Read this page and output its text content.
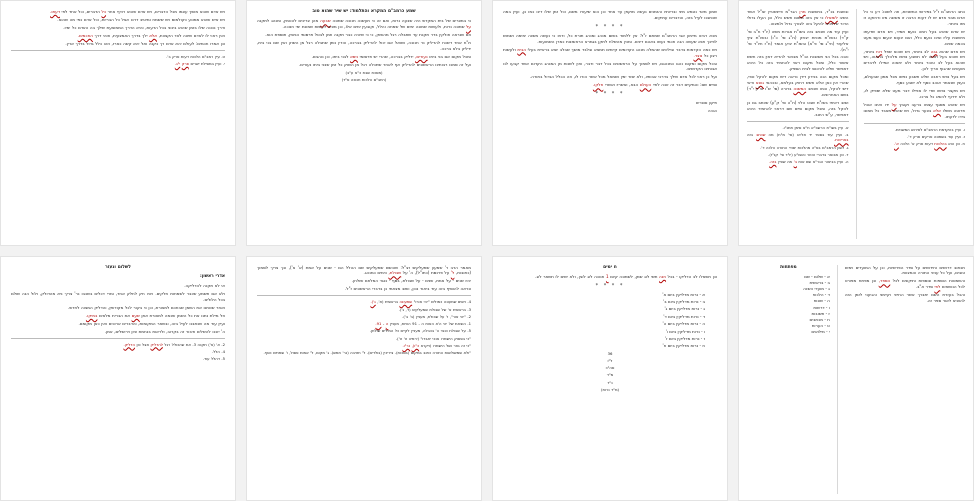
ובשבת בנ"ד, בתשובת מרן הגר"מ פיינשטיין זצ"ל אשר השיב לשואלו כי אין בזה משום חשש כלל, וכן העלו גדולי הדור שלפנינו להקל בזה לצורך גדול ולמצוה.

ועיין עוד מה שכתב בזה בשו"ת אגרות משה (יו"ד ח"ב סי' ק"ד) ובשו"ת מנחת יצחק (ח"ג סי' כ"ו) ובשו"ת ציץ אליעזר (חי"ג סי' פ"א) ובשו"ת יביע אומר (ח"ז חיו"ד סי' י"ח).

והנה בכל הני תשובות הנ"ל מבואר להדיא דאין בזה חשש איסור כלל, ומכל מקום ראוי להחמיר בזה כל היכא דאפשר שלא להיכנס לבית הספק.

ומכל מקום הנה בנידון דידן נראה דיש מקום להקל טפי, שהרי אין כאן אלא חשש רחוק בעלמא, ובכהאי גוונא ודאי דיש להקל, וכמו שכתב המשנה ברורה (סי' ש"ו ס"ק י"ד) בשם האחרונים.

ושוב ראיתי בשו"ת שבט הלוי (ח"ה סי' ק"ע) שכתב גם כן להקל בזה, ומכל מקום סיים שם דראוי להחמיר היכא דאפשר, ע"ש היטב.

א. עיין בשו"ת הרשב"א ח"א סימן תתנ"ו.

ב. ועיין עוד בספר יד אליהו (סי' מ"ח) מה שכתב בזה באריכות.

ג. לשון הרמב"ם בפ"ה מהלכות יסודי התורה הלכה ד'.

ד. וכן מבואר בדברי הטור והשו"ע (יו"ד סי' קנ"ז).

ה. ועיין בביאור הגר"א שם אות ב' מה שציין בזה.

כתב הרמב"ם ז"ל בפירוש המשניות, וזה לשונו: דע כי כל אדם מבני אדם יש לו דעות הרבה זו משונה מזו ורחוקה זו מזו ביותר.

יש אדם שהוא בעל חמה כועס תמיד, ויש אדם שדעתו מיושבת עליו ואינו כועס כלל, ואם יכעוס יכעוס כעס מעט בכמה שנים.

ויש אדם שהוא גבה לב ביותר, ויש שהוא שפל רוח ביותר, ויש שהוא בעל תאוה לא תשבע נפשו מלהלך בתאוה, ויש שהוא בעל לב טהור ביותר ולא יתאוה אפילו לדברים מועטים שהגוף צריך להן.

ויש בעל נפש רחבה שלא תשבע נפשו מכל ממון שבעולם, כענין שנאמר אוהב כסף לא ישבע כסף.

ויש מקצר נפשו שדי לו אפילו דבר מעט שלא יספיק לו, ולא ירדוף להשיג כל צרכו.

ויש שהוא מסגף עצמו ברעב וקובץ על ידו ואינו אוכל פרוטה משלו אלא בצער גדול, ויש שהוא מאבד כל ממונו בידו לדעתו.

ו. ועיין בהקדמת הרמב"ם לפירוש המשניות.

ז. ועיין עוד בשמונה פרקים פרק ד'.

ח. וכן הוא בהלכות דעות פרק א' הלכה א'.

שמע מאד נטמא מיני ובריותיו והזמנים נעשה מוקפן עד אחד וכן הוא שיעורו משם, וכל זמן שלו דינו כמו כן, ועיין במה שכתבנו לעיל בזה, והדברים עתיקים.

* * * *

מכא רבינו מיימון אבי הרמב"ם שמתם ז"ל: אין ללמוד בשום מנהג ומנהג תורת כל, ודחו כי נעשה משנה ימימה ושמוש לפיכך תנא שעשה הנה חכמי נעשו באהם דינים. ומכין מהשלח לתקן בגמרא הראשונות כמרן השמועות.

ויש כמה הקדמות בדבר ובילינים שהמלה מנהג הקדומים קיימים תמצא ובלבד מושך שבלב יוצא בראיית בעלי הבית ולעשות רצון כל נוצר.

ובכל מקום ומקום נהגו כמנהגם, ויש לסמוך על הראשונים בכל דבר ודבר, ואין לשנות מן המנהג הקדום אשר קבעו לנו אבותינו הקדושים.

ועל כן ראוי לכל אדם שילך בדרכי אבותיו, ולא יסור ימין ושמאל מכל אשר הורו לו, וזה הכלל הגדול בתורה.

וסיים שם: והמקיים דבר זה זוכה לחיי העולם הבא, ואשריו ואשרי חלקו.

* * * *

תיקון סופרים

הגהה

שמע כרמב"ם המקרא והתלמוד: יש שיר שהוא טוב

כי במצרים של בית המקדש היה שבעה נרות, ואם זה כי תעשנה חנוכה שמונה שבעה מהן צריכים להטמין, ומנהג לתקנה על שמונה נרות, ולעשות שמונה ימים של שמחה והלל, וקובעין ימים אלו, וכן מצינו לעשות שמונת ימי חנוכה.

וזם שנראה חולקין בדר תקנת עד שתבלה רגל מהשוק, כי כי שיהיה כבר תקנה וזמן לבטל פרסומי הניסין, תוספת הוא.

ת"ח אחד דשכח להדליק נר חנוכה, ושואל אם יכול להדליק בברכה, והדין נותן שתבלה רגל מן השוק ואין שם בני בית, ידליק בלא ברכה.

ומכל מקום אם בני ביתו נעורים, ידליק בברכה, שהרי יש פרסומי ניסא לבני ביתו, וכן נוהגים.

ועל זה סמכו רבותינו הראשונים להדליק אף לאחר שתכלה רגל מן השוק כל זמן שבני ביתו נעורים.

(מסכת שבת כ"א ע"ב)

(רמב"ם הלכות חנוכה פ"ד)

ויש אדם שהוא מושך עצמו מכל הדברים, ויש אדם שהוא רודף אחר כל הדברים, וכל אחד לפי דעתו.

ויש איש שהוא ממונע כקולמוס ויש ששמח ומיטיב דרכו אצל כל הבריות, וכל אדם כפי מה שהוא.

ודרך נכונה שלו בזמן שהוא בינוני בכל הדעות, והיא הדרך הממוצעת שילך בה האדם כל ימיו.

ואין ראוי לו לאדם שיטה לצד הקצוות, אלא ילך בדרך האמצעית, וזוהי דרך החכמים.

וכן אמרו חכמים: לעולם יהא אדם רך כקנה ואל יהא קשה כארז, וזהו כלל גדול בדרך ארץ.

ט. עיין רמב"ם הלכות דעות פרק ב'.

י. ועיין במסילת ישרים פרק י"ג.

מפתחות

א - שלום - שם
ב - בראשית
ג - מועדי השנה
ד - הלכות
ה - שונות
ו - דרשות
ז - תשובות
ח - מכתבים
ט - הערות
י - מילואים

תכתוב דרושים וחידושים על סדר הפרשיות, וכן על המועדים וימים טובים, ועל כל עניני התורה והמצוות.

והשמטות הוספות ונוספות ותיקונים לכל הספר, וכן מפתח מפורט לכל הנושאים לפי סדר א"ב.

והכל בעזרת השם יתברך אשר החייני וקיימני והגיעני לזמן הזה להוציא לאור ספר זה.

ח ימים

וכן תשאלו לב הדליקו - בכל חנה תשי לוג שמן, לשמונה קיום 1 חנוכה לוג לוגין, ולא ישים לו תשאר לוג.

* * * *
א - נרות מדליקין ביום א'
ב - נרות מדליקין ביום ב'
ג - נרות מדליקין ביום ג'
ד - נרות מדליקין ביום ד'
ה - נרות מדליקין ביום ה'
ו - נרות מדליקין ביום ו'
ז - נרות מדליקין ביום ז'
ח - נרות מדליקין ביום ח'

36

ל"ו

סה"כ

מ"ד

נ"ד

(מ"ד נרות)

מאמר הרב ר' שמעון שמעלקיס זצ"ל: שהושם שמעלקיס שם ההלל הם - שנים על אמת (א' א'), וכך צריך לסמוך (כתובות, ל' על פרנסת (כתו"ל), ה' על שבולת, כימים כמנהג.

יהיו שנים - על אמת, שנים - על שבולת, בסף - כנגד המלחם שולחן.

ונראה להוסיף בזה עוד ביאור נכון, ושוב מצאתי כן בדברי הראשונים ז"ל.

4. וישים שמעונה כמולים "יהי אורו" שמעונה בראשית (א', ג').

3. בראשית א' של שבולת שמעלקיס (ז', ג').

2. "יהי אור", ז' על שבולת, מעניין (ב' ב').

1. הוצאת של יהי ה'א האות ה - 91 הוויות, מעניין ה - 91.

5. על שבולת כנגד ה' בכבלה, מעניין לקיים כל המילים שולחן.

"כי בפסוק הישמרו אנכי יאבדו" (ירמיה ט' ט').

"כי זה גוזר ושל הישמרו (ויקרא כ"ו), נר"ו.

"ולא שמשולשות התורה כתוב במקום (בסכות). ציריכין (בולדים). ל' חטיבה (נר' חמש). ג' מקום, ל' אמות פסול, ו' שמחים כסף.

לשלום ונעזר

אדרי ראשון:

אי לא תקנה להדליקה.

ולא אם תשמע שכבר לשמחות חלקים. ויהיו חק לחלק אחד, ומרי דכלים בשכבו נר' צריך ניא מהדולק, ולול הנה שולם בכל הלולים.

ואחר שנותנו את השמן שבחכם למצורת, וכן כי בקור לכל מקודשין, והדליק המצוה לחדש.

וזל מילת נתנו את כל השמן שכמה למצורת אתן שעם את הברית מלאים במיקו.

ועיין עוד מה שכתבנו לעיל בזה, ובשאר המקומות, והדברים ארוכים ואין כאן מקומם.

ה' יזכנו להשלים חיבור זה בקרוב, ולראות בנחמת ציון וירושלים, אמן.

2. א' (א') תקנה 3. את שהכולל רגל להדליק אצל וכן הדליק.

4. הלל.

5. דהלל עוד.
